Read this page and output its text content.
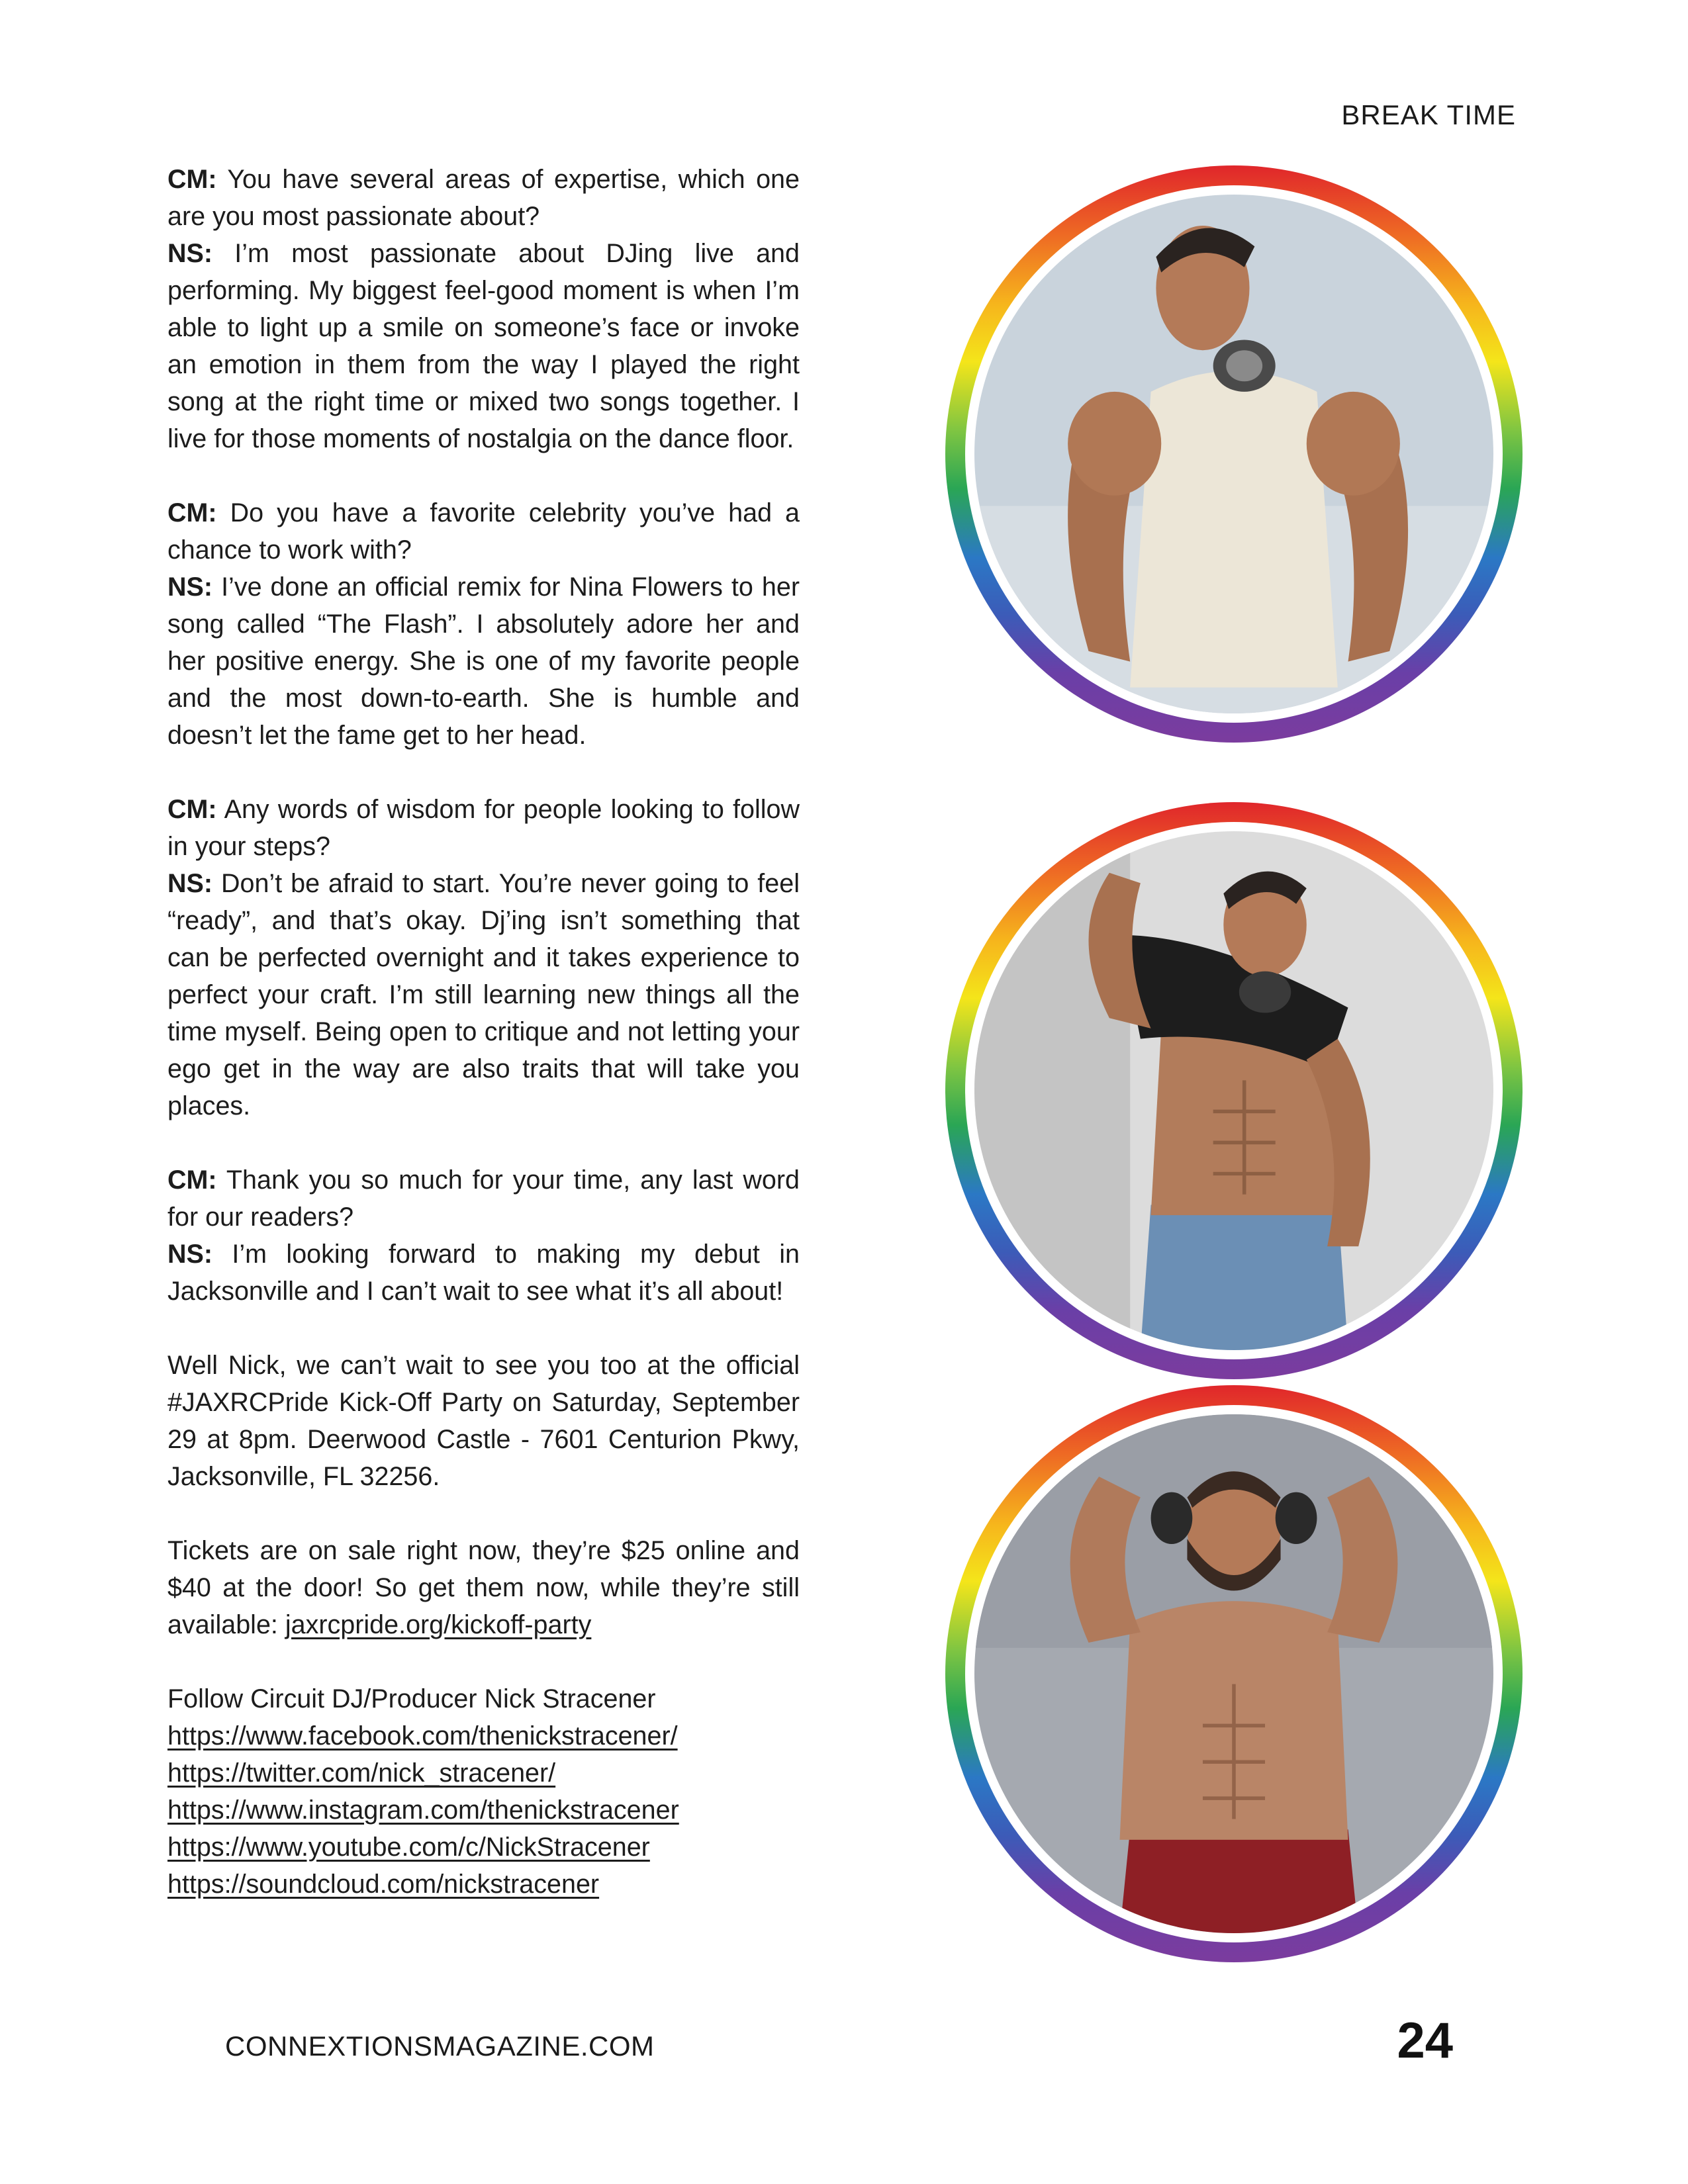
BREAK TIME

CM: You have several areas of expertise, which one are you most passionate about?
NS: I’m most passionate about DJing live and performing. My biggest feel-good moment is when I’m able to light up a smile on someone’s face or invoke an emotion in them from the way I played the right song at the right time or mixed two songs together. I live for those moments of nostalgia on the dance floor.

CM: Do you have a favorite celebrity you’ve had a chance to work with?
NS: I’ve done an official remix for Nina Flowers to her song called “The Flash”. I absolutely adore her and her positive energy. She is one of my favorite people and the most down-to-earth. She is humble and doesn’t let the fame get to her head.

CM: Any words of wisdom for people looking to follow in your steps?
NS: Don’t be afraid to start. You’re never going to feel “ready”, and that’s okay. Dj’ing isn’t something that can be perfected overnight and it takes experience to perfect your craft. I’m still learning new things all the time myself. Being open to critique and not letting your ego get in the way are also traits that will take you places.

CM: Thank you so much for your time, any last word for our readers?
NS: I’m looking forward to making my debut in Jacksonville and I can’t wait to see what it’s all about!

Well Nick, we can’t wait to see you too at the official #JAXRCPride Kick-Off Party on Saturday, September 29 at 8pm. Deerwood Castle - 7601 Centurion Pkwy, Jacksonville, FL 32256.

Tickets are on sale right now, they’re $25 online and $40 at the door! So get them now, while they’re still available: jaxrcpride.org/kickoff-party

Follow Circuit DJ/Producer Nick Stracener
https://www.facebook.com/thenickstracener/
https://twitter.com/nick_stracener/
https://www.instagram.com/thenickstracener
https://www.youtube.com/c/NickStracener
https://soundcloud.com/nickstracener
CONNEXTIONSMAGAZINE.COM	24
